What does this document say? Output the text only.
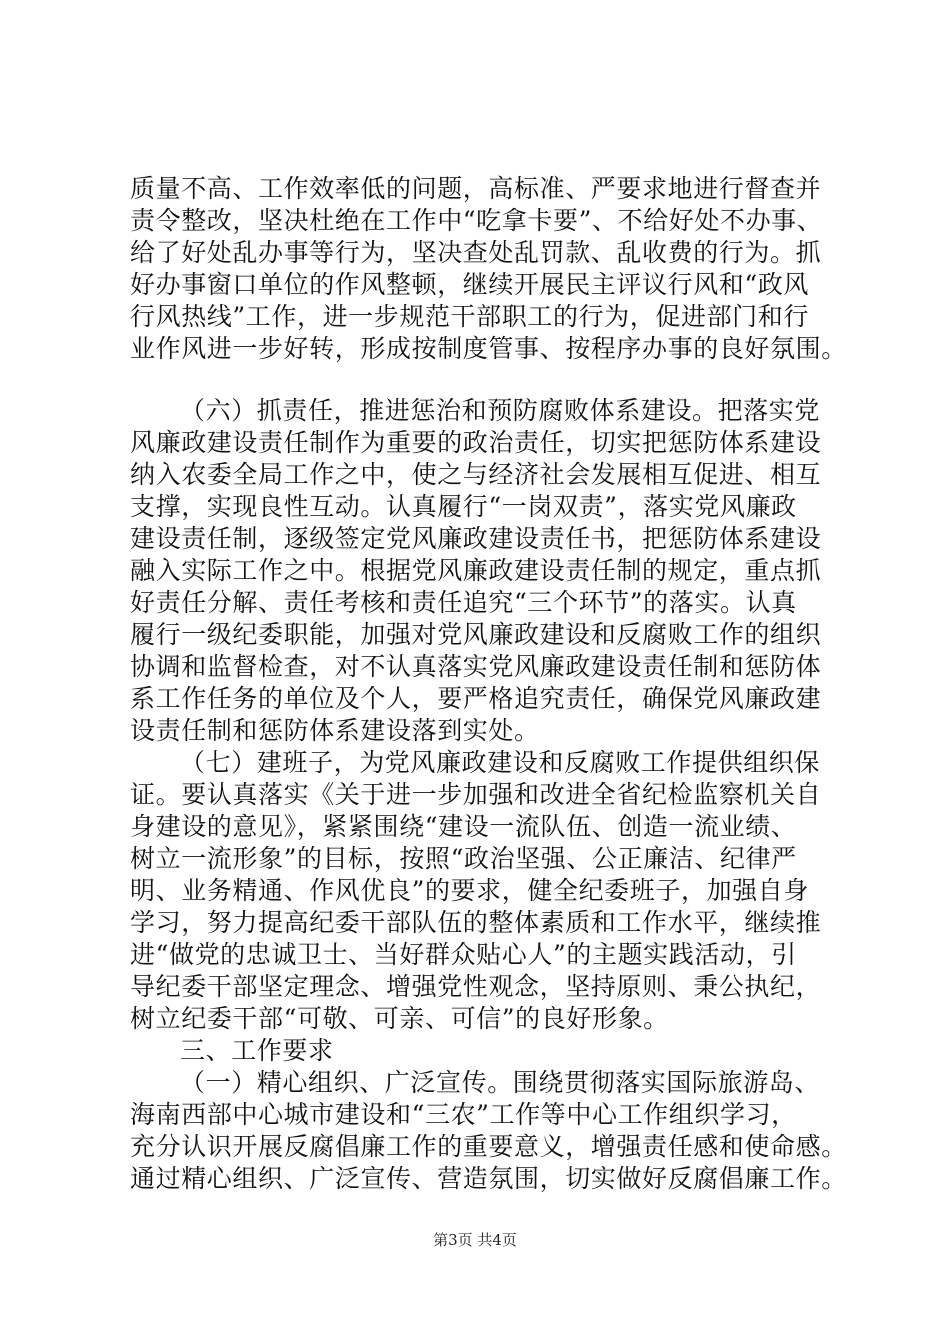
质量不高、工作效率低的问题，高标准、严要求地进行督查并
责令整改，坚决杜绝在工作中“吃拿卡要”、不给好处不办事、
给了好处乱办事等行为，坚决查处乱罚款、乱收费的行为。抓
好办事窗口单位的作风整顿，继续开展民主评议行风和“政风
行风热线”工作，进一步规范干部职工的行为，促进部门和行
业作风进一步好转，形成按制度管事、按程序办事的良好氛围。
（六）抓责任，推进惩治和预防腐败体系建设。把落实党
风廉政建设责任制作为重要的政治责任，切实把惩防体系建设
纳入农委全局工作之中，使之与经济社会发展相互促进、相互
支撑，实现良性互动。认真履行“一岗双责”，落实党风廉政
建设责任制，逐级签定党风廉政建设责任书，把惩防体系建设
融入实际工作之中。根据党风廉政建设责任制的规定，重点抓
好责任分解、责任考核和责任追究“三个环节”的落实。认真
履行一级纪委职能，加强对党风廉政建设和反腐败工作的组织
协调和监督检查，对不认真落实党风廉政建设责任制和惩防体
系工作任务的单位及个人，要严格追究责任，确保党风廉政建
设责任制和惩防体系建设落到实处。
（七）建班子，为党风廉政建设和反腐败工作提供组织保
证。要认真落实《关于进一步加强和改进全省纪检监察机关自
身建设的意见》，紧紧围绕“建设一流队伍、创造一流业绩、
树立一流形象”的目标，按照“政治坚强、公正廉洁、纪律严
明、业务精通、作风优良”的要求，健全纪委班子，加强自身
学习，努力提高纪委干部队伍的整体素质和工作水平，继续推
进“做党的忠诚卫士、当好群众贴心人”的主题实践活动，引
导纪委干部坚定理念、增强党性观念，坚持原则、秉公执纪，
树立纪委干部“可敬、可亲、可信”的良好形象。
三、工作要求
（一）精心组织、广泛宣传。围绕贯彻落实国际旅游岛、
海南西部中心城市建设和“三农”工作等中心工作组织学习，
充分认识开展反腐倡廉工作的重要意义，增强责任感和使命感。
通过精心组织、广泛宣传、营造氛围，切实做好反腐倡廉工作。
第3页 共4页
